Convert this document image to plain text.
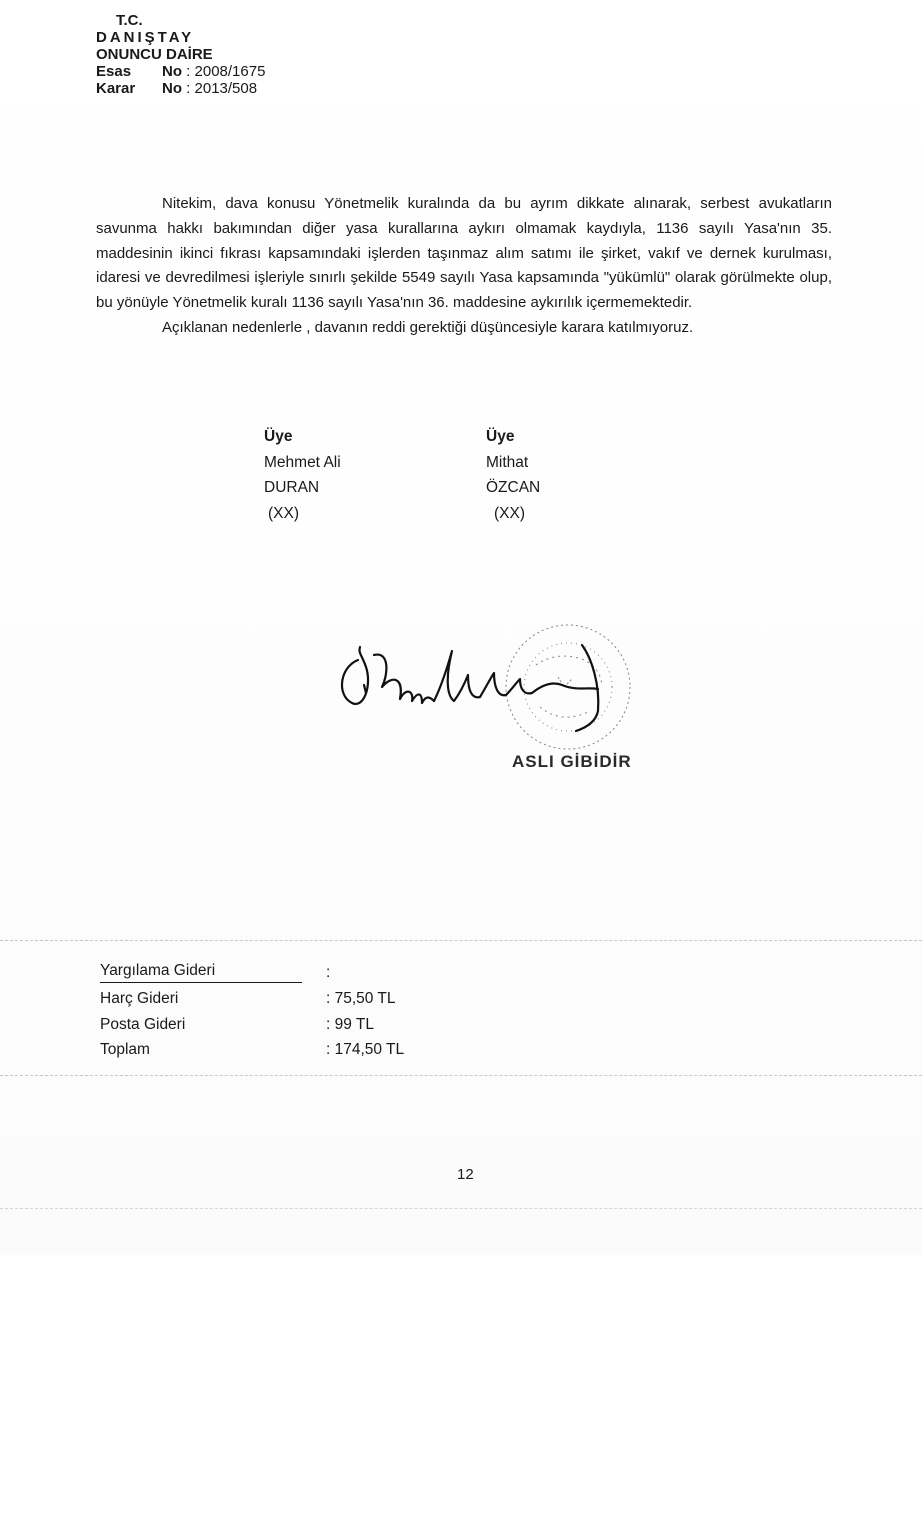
T.C.
DANIŞTAY
ONUNCU DAİRE
Esas	No : 2008/1675
Karar	No : 2013/508

Nitekim, dava konusu Yönetmelik kuralında da bu ayrım dikkate alınarak, serbest avukatların savunma hakkı bakımından diğer yasa kurallarına aykırı olmamak kaydıyla, 1136 sayılı Yasa'nın 35. maddesinin ikinci fıkrası kapsamındaki işlerden taşınmaz alım satımı ile şirket, vakıf ve dernek kurulması, idaresi ve devredilmesi işleriyle sınırlı şekilde 5549 sayılı Yasa kapsamında "yükümlü" olarak görülmekte olup, bu yönüyle Yönetmelik kuralı 1136 sayılı Yasa'nın 36. maddesine aykırılık içermemektedir.

Açıklanan nedenlerle , davanın reddi gerektiği düşüncesiyle karara katılmıyoruz.

Üye
Mehmet Ali
DURAN
(XX)
Üye
Mithat
ÖZCAN
(XX)
ASLI GİBİDİR
Yargılama Gideri	:
Harç Gideri	: 75,50 TL
Posta Gideri	: 99 TL
Toplam	: 174,50 TL
12
